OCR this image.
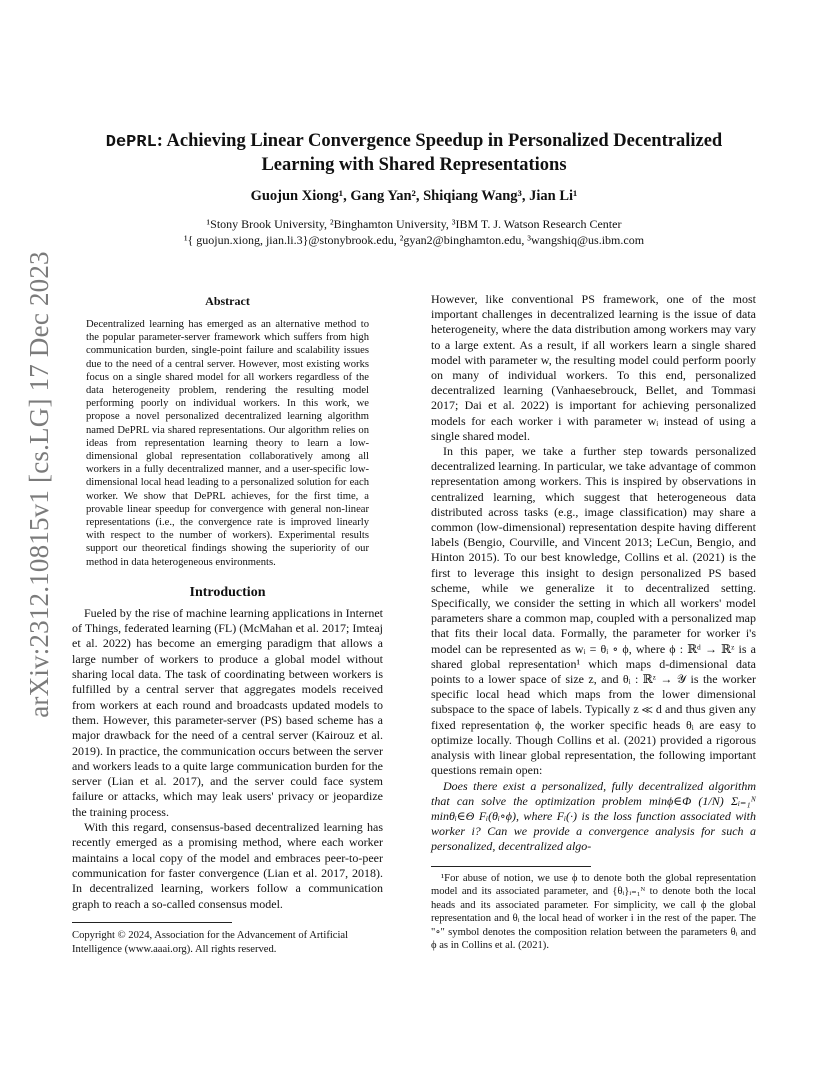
arXiv:2312.10815v1 [cs.LG] 17 Dec 2023
DePRL: Achieving Linear Convergence Speedup in Personalized Decentralized
Learning with Shared Representations
Guojun Xiong¹, Gang Yan², Shiqiang Wang³, Jian Li¹
¹Stony Brook University, ²Binghamton University, ³IBM T. J. Watson Research Center
¹{ guojun.xiong, jian.li.3}@stonybrook.edu, ²gyan2@binghamton.edu, ³wangshiq@us.ibm.com
Abstract

Decentralized learning has emerged as an alternative method to the popular parameter-server framework which suffers from high communication burden, single-point failure and scalability issues due to the need of a central server. However, most existing works focus on a single shared model for all workers regardless of the data heterogeneity problem, rendering the resulting model performing poorly on individual workers. In this work, we propose a novel personalized decentralized learning algorithm named DePRL via shared representations. Our algorithm relies on ideas from representation learning theory to learn a low-dimensional global representation collaboratively among all workers in a fully decentralized manner, and a user-specific low-dimensional local head leading to a personalized solution for each worker. We show that DePRL achieves, for the first time, a provable linear speedup for convergence with general non-linear representations (i.e., the convergence rate is improved linearly with respect to the number of workers). Experimental results support our theoretical findings showing the superiority of our method in data heterogeneous environments.

Introduction

Fueled by the rise of machine learning applications in Internet of Things, federated learning (FL) (McMahan et al. 2017; Imteaj et al. 2022) has become an emerging paradigm that allows a large number of workers to produce a global model without sharing local data. The task of coordinating between workers is fulfilled by a central server that aggregates models received from workers at each round and broadcasts updated models to them. However, this parameter-server (PS) based scheme has a major drawback for the need of a central server (Kairouz et al. 2019). In practice, the communication occurs between the server and workers leads to a quite large communication burden for the server (Lian et al. 2017), and the server could face system failure or attacks, which may leak users' privacy or jeopardize the training process.

With this regard, consensus-based decentralized learning has recently emerged as a promising method, where each worker maintains a local copy of the model and embraces peer-to-peer communication for faster convergence (Lian et al. 2017, 2018). In decentralized learning, workers follow a communication graph to reach a so-called consensus model.

Copyright © 2024, Association for the Advancement of Artificial Intelligence (www.aaai.org). All rights reserved.

However, like conventional PS framework, one of the most important challenges in decentralized learning is the issue of data heterogeneity, where the data distribution among workers may vary to a large extent. As a result, if all workers learn a single shared model with parameter w, the resulting model could perform poorly on many of individual workers. To this end, personalized decentralized learning (Vanhaesebrouck, Bellet, and Tommasi 2017; Dai et al. 2022) is important for achieving personalized models for each worker i with parameter wᵢ instead of using a single shared model.

In this paper, we take a further step towards personalized decentralized learning. In particular, we take advantage of common representation among workers. This is inspired by observations in centralized learning, which suggest that heterogeneous data distributed across tasks (e.g., image classification) may share a common (low-dimensional) representation despite having different labels (Bengio, Courville, and Vincent 2013; LeCun, Bengio, and Hinton 2015). To our best knowledge, Collins et al. (2021) is the first to leverage this insight to design personalized PS based scheme, while we generalize it to decentralized setting. Specifically, we consider the setting in which all workers' model parameters share a common map, coupled with a personalized map that fits their local data. Formally, the parameter for worker i's model can be represented as wᵢ = θᵢ ∘ ϕ, where ϕ : ℝᵈ → ℝᶻ is a shared global representation¹ which maps d-dimensional data points to a lower space of size z, and θᵢ : ℝᶻ → 𝒴 is the worker specific local head which maps from the lower dimensional subspace to the space of labels. Typically z ≪ d and thus given any fixed representation ϕ, the worker specific heads θᵢ are easy to optimize locally. Though Collins et al. (2021) provided a rigorous analysis with linear global representation, the following important questions remain open:

Does there exist a personalized, fully decentralized algorithm that can solve the optimization problem minϕ∈Φ (1/N) Σᵢ₌₁ᴺ minθᵢ∈Θ Fᵢ(θᵢ∘ϕ), where Fᵢ(·) is the loss function associated with worker i? Can we provide a convergence analysis for such a personalized, decentralized algo-

¹For abuse of notion, we use ϕ to denote both the global representation model and its associated parameter, and {θᵢ}ᵢ₌₁ᴺ to denote both the local heads and its associated parameter. For simplicity, we call ϕ the global representation and θᵢ the local head of worker i in the rest of the paper. The "∘" symbol denotes the composition relation between the parameters θᵢ and ϕ as in Collins et al. (2021).
